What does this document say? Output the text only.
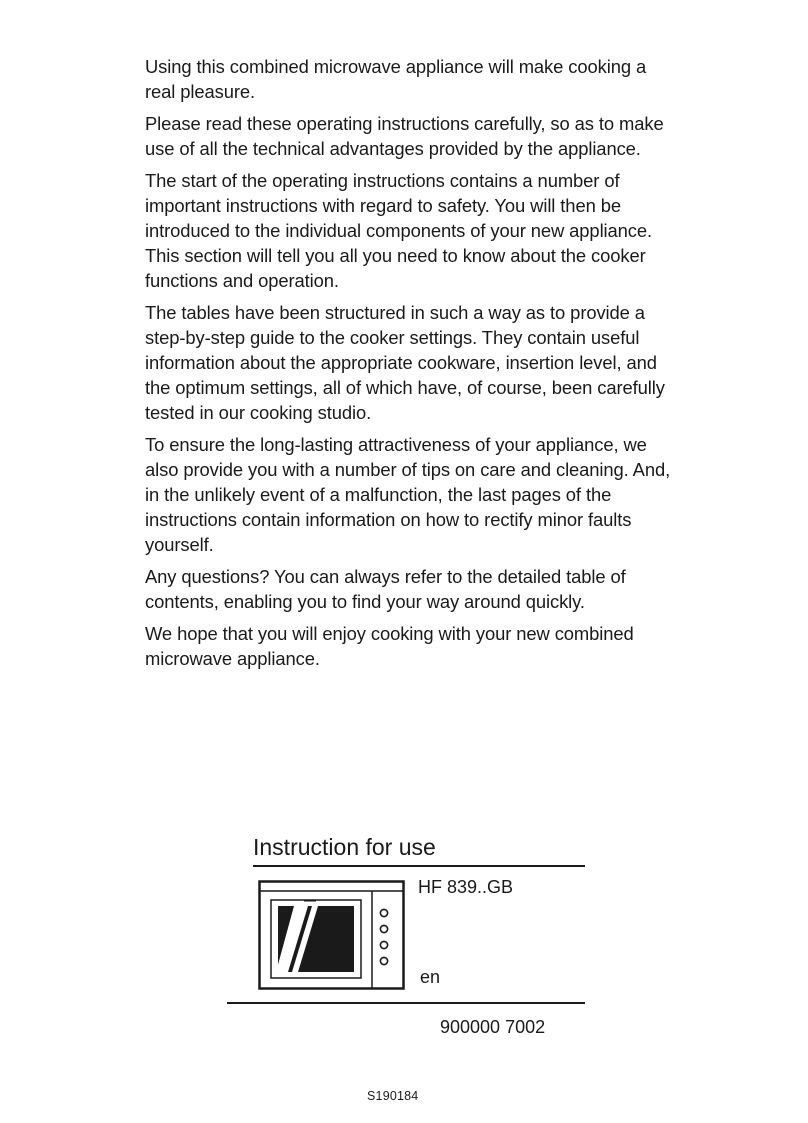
Using this combined microwave appliance will make cooking a real pleasure.

Please read these operating instructions carefully, so as to make use of all the technical advantages provided by the appliance.

The start of the operating instructions contains a number of important instructions with regard to safety. You will then be introduced to the individual components of your new appliance. This section will tell you all you need to know about the cooker functions and operation.

The tables have been structured in such a way as to provide a step-by-step guide to the cooker settings. They contain useful information about the appropriate cookware, insertion level, and the optimum settings, all of which have, of course, been carefully tested in our cooking studio.

To ensure the long-lasting attractiveness of your appliance, we also provide you with a number of tips on care and cleaning. And, in the unlikely event of a malfunction, the last pages of the instructions contain information on how to rectify minor faults yourself.

Any questions? You can always refer to the detailed table of contents, enabling you to find your way around quickly.

We hope that you will enjoy cooking with your new combined microwave appliance.

Instruction for use
HF 839..GB
en
900000 7002
S190184
